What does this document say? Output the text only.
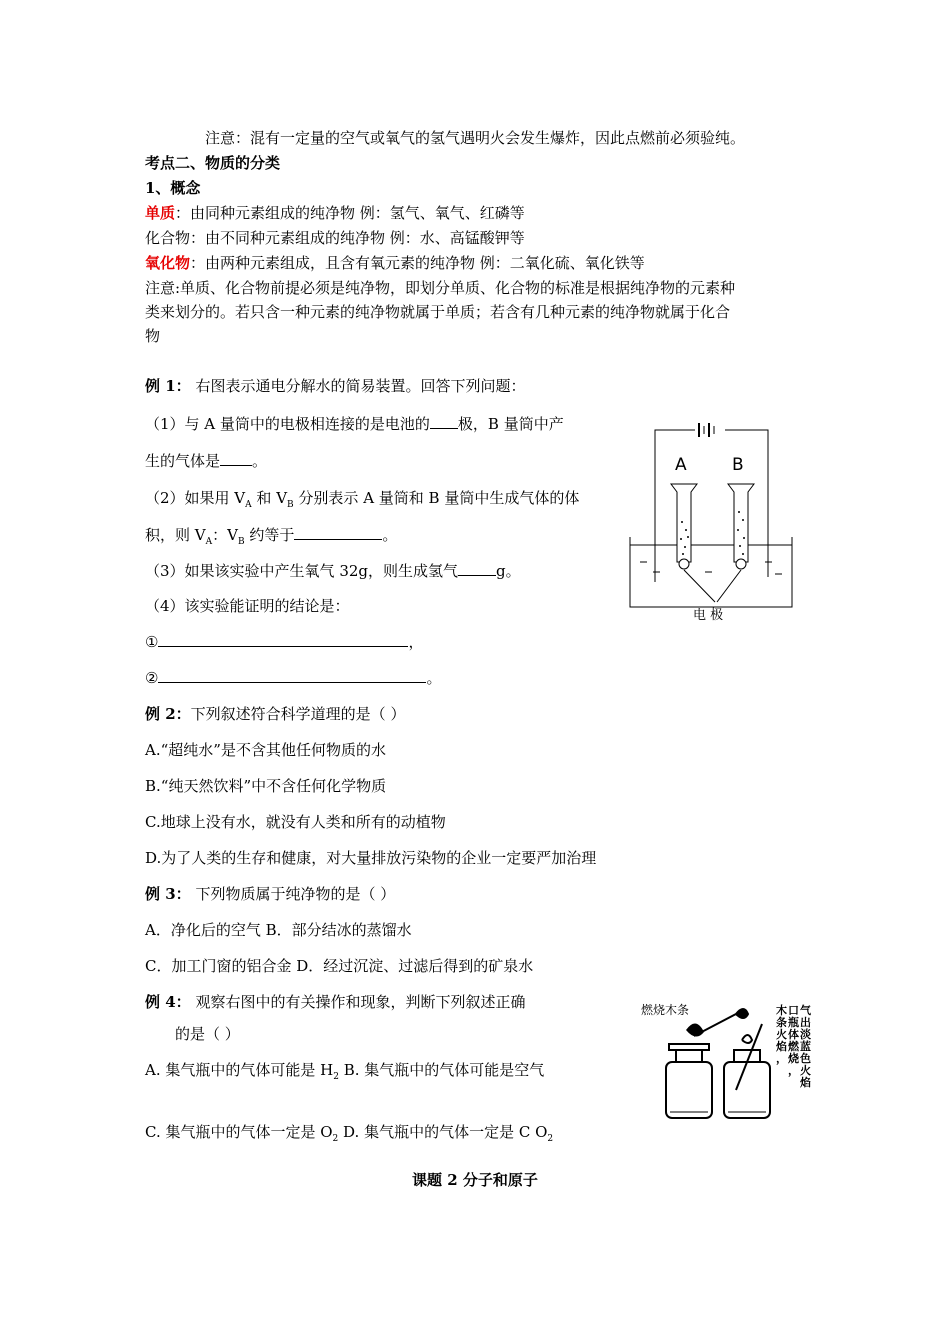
注意：混有一定量的空气或氧气的氢气遇明火会发生爆炸，因此点燃前必须验纯。
考点二、物质的分类
1、概念
单质：由同种元素组成的纯净物 例：氢气、氧气、红磷等
化合物：由不同种元素组成的纯净物 例：水、高锰酸钾等
氧化物：由两种元素组成，且含有氧元素的纯净物 例：二氧化硫、氧化铁等
注意:单质、化合物前提必须是纯净物，即划分单质、化合物的标准是根据纯净物的元素种
类来划分的。若只含一种元素的纯净物就属于单质；若含有几种元素的纯净物就属于化合
物
例 1： 右图表示通电分解水的简易装置。回答下列问题：
（1）与 A 量筒中的电极相连接的是电池的 极，B 量筒中产
生的气体是 。
（2）如果用 $V_A$ 和 $V_B$ 分别表示 A 量筒和 B 量筒中生成气体的体
积，则 $V_A$：$V_B$ 约等于	。
（3）如果该实验中产生氧气 32g，则生成氢气	g。
（4）该实验能证明的结论是：
①	，
②	。
A	B
电 极
例 2：下列叙述符合科学道理的是（ ）
A.“超纯水”是不含其他任何物质的水
B.“纯天然饮料”中不含任何化学物质
C.地球上没有水，就没有人类和所有的动植物
D.为了人类的生存和健康，对大量排放污染物的企业一定要严加治理
例 3： 下列物质属于纯净物的是（ ）
A．净化后的空气 B．部分结冰的蒸馏水
C．加工门窗的铝合金 D．经过沉淀、过滤后得到的矿泉水
例 4： 观察右图中的有关操作和现象，判断下列叙述正确
的是（ ）
A. 集气瓶中的气体可能是 $H_2$ B. 集气瓶中的气体可能是空气
C. 集气瓶中的气体一定是 $O_2$ D. 集气瓶中的气体一定是 C $O_2$
燃烧木条	木条火焰，口瓶体燃烧，气出淡蓝色火焰
课题 2 分子和原子
